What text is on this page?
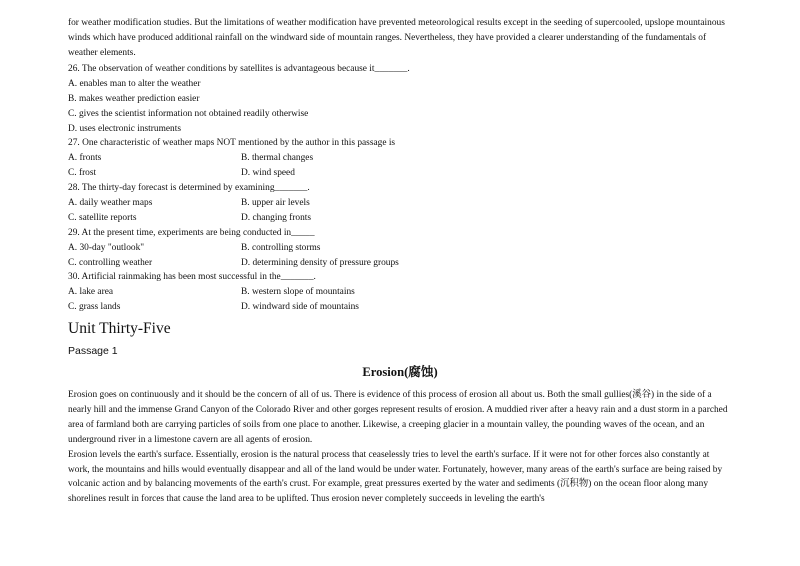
for weather modification studies. But the limitations of weather modification have prevented meteorological results except in the seeding of supercooled, upslope mountainous winds which have produced additional rainfall on the windward side of mountain ranges. Nevertheless, they have provided a clearer understanding of the fundamentals of weather elements.

26. The observation of weather conditions by satellites is advantageous because it_______.
A. enables man to alter the weather
B. makes weather prediction easier
C. gives the scientist information not obtained readily otherwise
D. uses electronic instruments
27. One characteristic of weather maps NOT mentioned by the author in this passage is
A. fronts	B. thermal changes
C. frost	D. wind speed
28. The thirty-day forecast is determined by examining_______.
A. daily weather maps	B. upper air levels
C. satellite reports	D. changing fronts
29. At the present time, experiments are being conducted in_____
A. 30-day "outlook"	B. controlling storms
C. controlling weather	D. determining density of pressure groups
30. Artificial rainmaking has been most successful in the_______.
A. lake area	B. western slope of mountains
C. grass lands	D. windward side of mountains
Unit Thirty-Five
Passage 1
Erosion(腐蚀)

Erosion goes on continuously and it should be the concern of all of us. There is evidence of this process of erosion all about us. Both the small gullies(溪谷) in the side of a nearly hill and the immense Grand Canyon of the Colorado River and other gorges represent results of erosion. A muddied river after a heavy rain and a dust storm in a parched area of farmland both are carrying particles of soils from one place to another. Likewise, a creeping glacier in a mountain valley, the pounding waves of the ocean, and an underground river in a limestone cavern are all agents of erosion.

Erosion levels the earth's surface. Essentially, erosion is the natural process that ceaselessly tries to level the earth's surface. If it were not for other forces also constantly at work, the mountains and hills would eventually disappear and all of the land would be under water. Fortunately, however, many areas of the earth's surface are being raised by volcanic action and by balancing movements of the earth's crust. For example, great pressures exerted by the water and sediments (沉积物) on the ocean floor along many shorelines result in forces that cause the land area to be uplifted. Thus erosion never completely succeeds in leveling the earth's
